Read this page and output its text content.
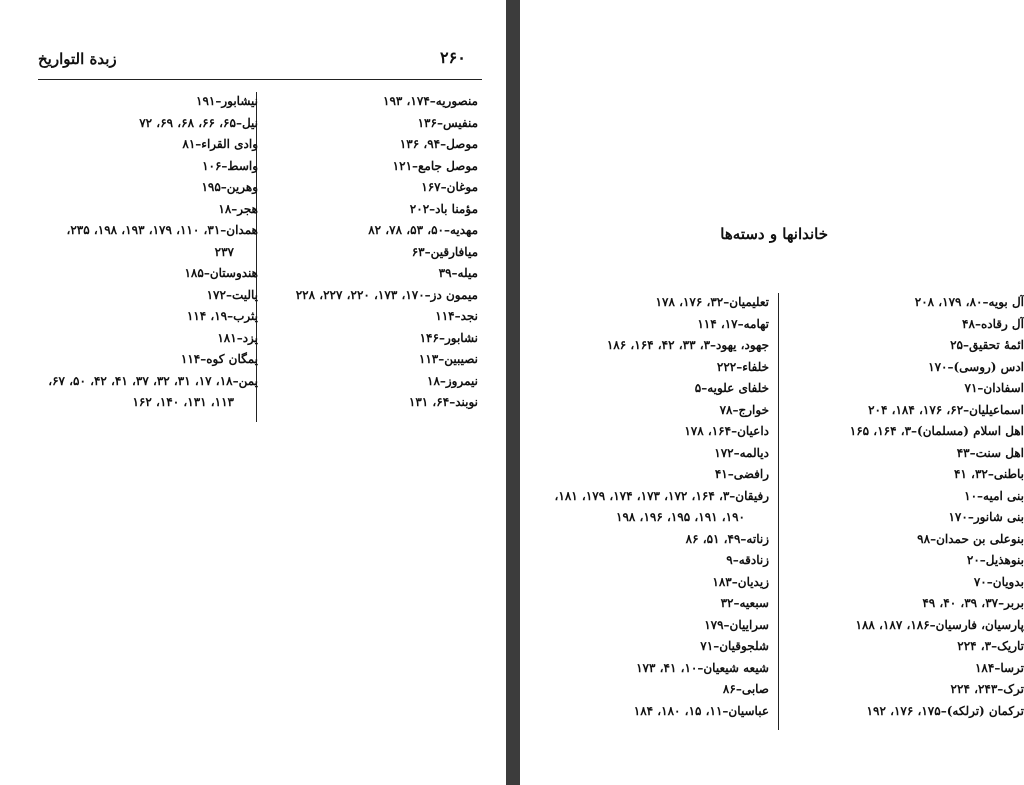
زبدة التواريخ	۲۶۰
منصوریه–۱۷۴، ۱۹۳
منفیس–۱۳۶
موصل–۹۴، ۱۳۶
موصل جامع–۱۲۱
موغان–۱۶۷
مؤمنا باد–۲۰۲
مهدیه–۵۰، ۵۳، ۷۸، ۸۲
میافارقین–۶۳
میله–۳۹
میمون دز–۱۷۰، ۱۷۳، ۲۲۰، ۲۲۷، ۲۲۸
نجد–۱۱۴
نشابور–۱۴۶
نصیبین–۱۱۳
نیمروز–۱۸
نوبند–۶۴، ۱۳۱
نیشابور–۱۹۱
نیل–۶۵، ۶۶، ۶۸، ۶۹، ۷۲
وادی القراء–۸۱
واسط–۱۰۶
وهرین–۱۹۵
هجر–۱۸
همدان–۳۱، ۱۱۰، ۱۷۹، ۱۹۳، ۱۹۸، ۲۳۵،
۲۳۷
هندوستان–۱۸۵
یالیت–۱۷۲
یثرب–۱۹، ۱۱۴
یزد–۱۸۱
یمگان کوه–۱۱۴
یمن–۱۸، ۱۷، ۳۱، ۳۲، ۳۷، ۴۱، ۴۲، ۵۰، ۶۷،
۱۱۳، ۱۳۱، ۱۴۰، ۱۶۲
خاندانها و دسته‌ها
آل بویه–۸۰، ۱۷۹، ۲۰۸
آل رقاده–۴۸
ائمهٔ تحقیق–۲۵
ادس (روسی)–۱۷۰
اسفادان–۷۱
اسماعیلیان–۶۲، ۱۷۶، ۱۸۴، ۲۰۴
اهل اسلام (مسلمان)–۳، ۱۶۴، ۱۶۵
اهل سنت–۴۳
باطنی–۳۲، ۴۱
بنی امیه–۱۰
بنی شانور–۱۷۰
بنوعلی بن حمدان–۹۸
بنوهذیل–۲۰
بدویان–۷۰
بربر–۳۷، ۳۹، ۴۰، ۴۹
پارسیان، فارسیان–۱۸۶، ۱۸۷، ۱۸۸
تاریک–۳، ۲۲۴
ترسا–۱۸۴
ترک–۲۴۳، ۲۲۴
ترکمان (ترلکه)–۱۷۵، ۱۷۶، ۱۹۲
تعلیمیان–۳۲، ۱۷۶، ۱۷۸
تهامه–۱۷، ۱۱۴
جهود، یهود–۳، ۳۳، ۴۲، ۱۶۴، ۱۸۶
خلفاء–۲۲۲
خلفای علویه–۵
خوارج–۷۸
داعیان–۱۶۴، ۱۷۸
دیالمه–۱۷۲
رافضی–۴۱
رفیقان–۳، ۱۶۴، ۱۷۲، ۱۷۳، ۱۷۴، ۱۷۹، ۱۸۱،
۱۹۰، ۱۹۱، ۱۹۵، ۱۹۶، ۱۹۸
زناته–۴۹، ۵۱، ۸۶
زنادقه–۹
زیدیان–۱۸۳
سبعیه–۳۲
سراییان–۱۷۹
شلجوقیان–۷۱
شیعه شیعیان–۱۰، ۴۱، ۱۷۳
صابی–۸۶
عباسیان–۱۱، ۱۵، ۱۸۰، ۱۸۴
